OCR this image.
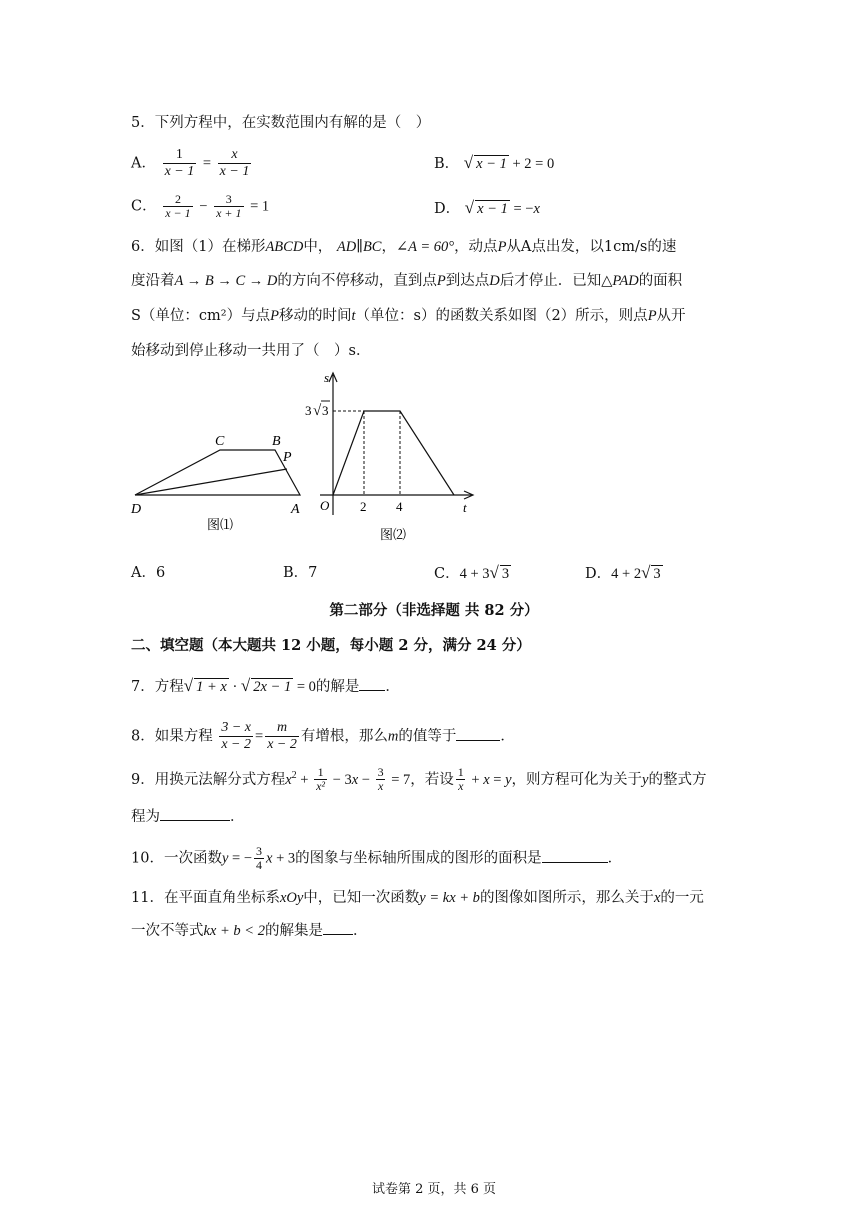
5．下列方程中，在实数范围内有解的是（　）
A． $\frac{1}{x - 1} = \frac{x}{x - 1}$	B． √ x − 1 + 2 = 0
C． $\frac{2}{x - 1} - \frac{3}{x + 1} = 1$	D． √ x − 1 = −x
6．如图（1）在梯形ABCD中， AD∥BC，∠A = 60°，动点P从A点出发，以1cm/s的速
度沿着A → B → C → D的方向不停移动，直到点P到达点D后才停止．已知△PAD的面积
S（单位：cm²）与点P移动的时间t（单位：s）的函数关系如图（2）所示，则点P从开
始移动到停止移动一共用了（　）s．
C	B
P
D	A
图⑴
s
3 √ 3
O 2 4	t
图⑵
A．6	B．7	C．4 + 3√ 3	D．4 + 2√ 3
第二部分（非选择题 共 82 分）
二、填空题（本大题共 12 小题，每小题 2 分，满分 24 分）
7．方程√ 1 + x · √ 2x − 1 = 0的解是 ．
8．如果方程 $\frac{3 - x}{x - 2} = \frac{m}{x - 2}$ 有增根，那么m的值等于	．
9．用换元法解分式方程$x^2 + \frac{1}{\text{x²}} - 3x - \frac{3}{x} = 7$，若设 $\frac{1}{x} + x = y$，则方程可化为关于y的整式方
程为	．
10．一次函数y = − $\frac{3}{4}$ x + 3的图象与坐标轴所围成的图形的面积是	．
11．在平面直角坐标系xOy中，已知一次函数y = kx + b的图像如图所示，那么关于x的一元
一次不等式kx + b < 2的解集是 ．
试卷第 2 页，共 6 页
